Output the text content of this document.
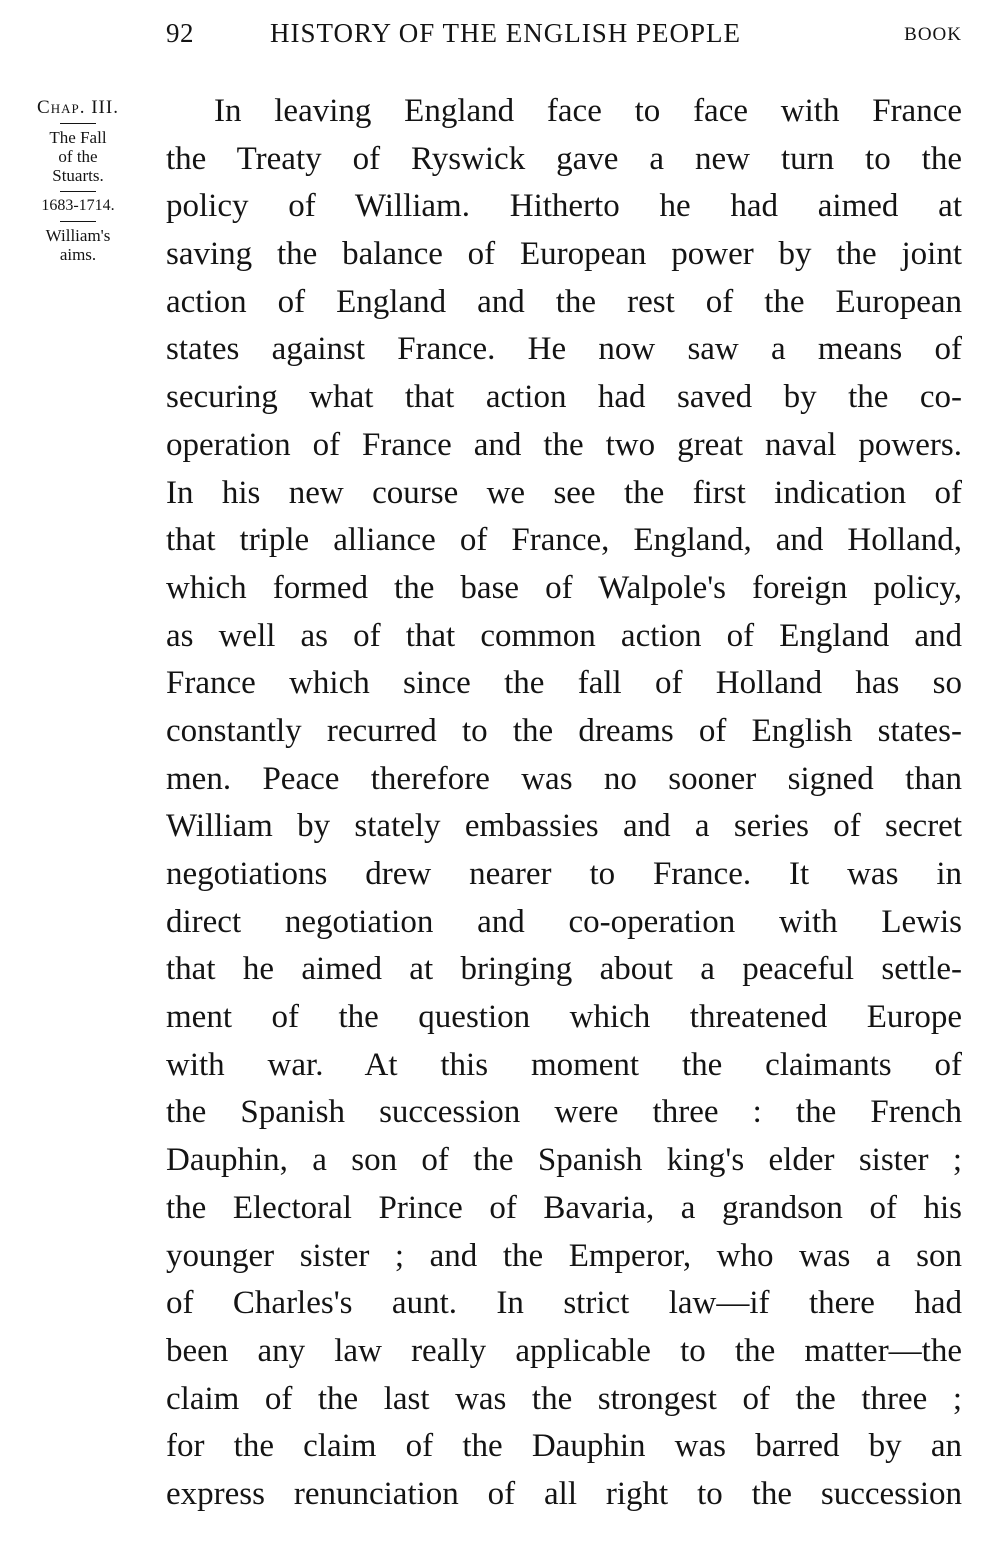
92	HISTORY OF THE ENGLISH PEOPLE	BOOK
Chap. III.
The Fall
of the
Stuarts.
1683-1714.
William's
aims.
In leaving England face to face with France
the Treaty of Ryswick gave a new turn to the
policy of William. Hitherto he had aimed at
saving the balance of European power by the joint
action of England and the rest of the European
states against France. He now saw a means of
securing what that action had saved by the co-
operation of France and the two great naval powers.
In his new course we see the first indication of
that triple alliance of France, England, and Holland,
which formed the base of Walpole's foreign policy,
as well as of that common action of England and
France which since the fall of Holland has so
constantly recurred to the dreams of English states-
men. Peace therefore was no sooner signed than
William by stately embassies and a series of secret
negotiations drew nearer to France. It was in
direct negotiation and co-operation with Lewis
that he aimed at bringing about a peaceful settle-
ment of the question which threatened Europe
with war. At this moment the claimants of
the Spanish succession were three : the French
Dauphin, a son of the Spanish king's elder sister ;
the Electoral Prince of Bavaria, a grandson of his
younger sister ; and the Emperor, who was a son
of Charles's aunt. In strict law—if there had
been any law really applicable to the matter—the
claim of the last was the strongest of the three ;
for the claim of the Dauphin was barred by an
express renunciation of all right to the succession
